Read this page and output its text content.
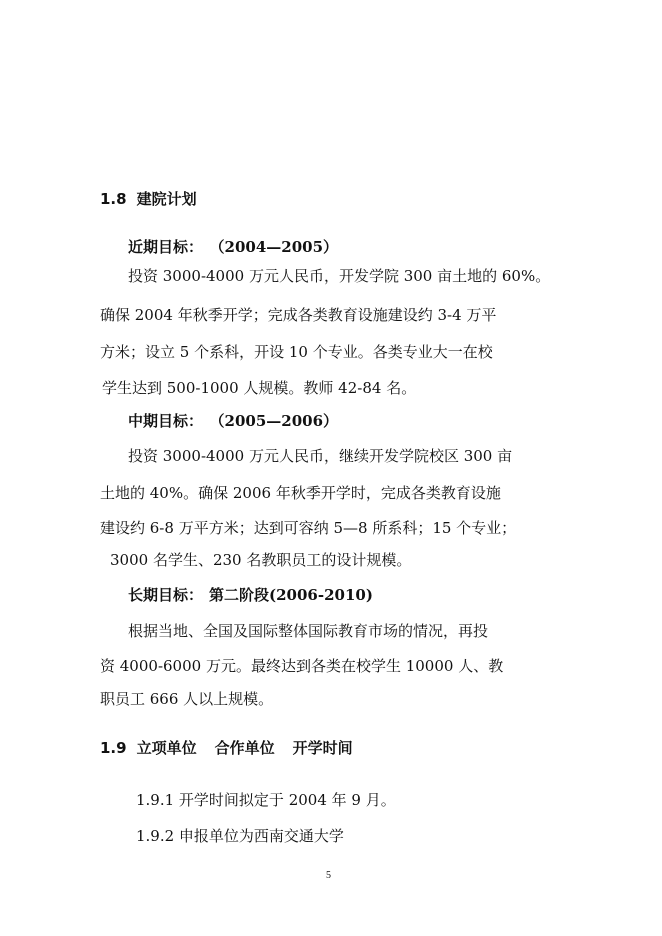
1.8 建院计划
近期目标： （2004—2005）
投资 3000-4000 万元人民币，开发学院 300 亩土地的 60%。
确保 2004 年秋季开学；完成各类教育设施建设约 3-4 万平
方米；设立 5 个系科，开设 10 个专业。各类专业大一在校
学生达到 500-1000 人规模。教师 42-84 名。
中期目标： （2005—2006）
投资 3000-4000 万元人民币，继续开发学院校区 300 亩
土地的 40%。确保 2006 年秋季开学时，完成各类教育设施
建设约 6-8 万平方米；达到可容纳 5—8 所系科；15 个专业；
3000 名学生、230 名教职员工的设计规模。
长期目标： 第二阶段(2006-2010)
根据当地、全国及国际整体国际教育市场的情况，再投
资 4000-6000 万元。最终达到各类在校学生 10000 人、教
职员工 666 人以上规模。
1.9 立项单位 合作单位 开学时间
1.9.1 开学时间拟定于 2004 年 9 月。
1.9.2 申报单位为西南交通大学
5
